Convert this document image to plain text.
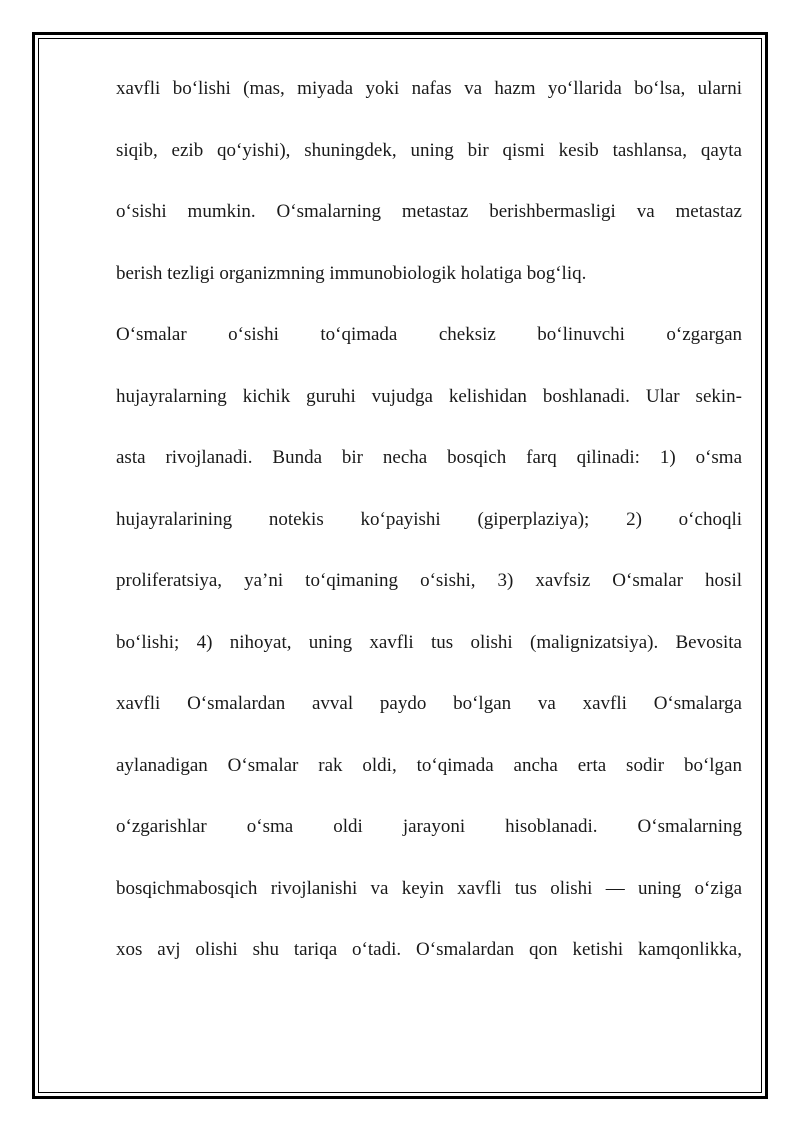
xavfli bo‘lishi (mas, miyada yoki nafas va hazm yo‘llarida bo‘lsa, ularni
siqib, ezib qo‘yishi), shuningdek, uning bir qismi kesib tashlansa, qayta
o‘sishi mumkin. O‘smalarning metastaz berishbermasligi va metastaz
berish tezligi organizmning immunobiologik holatiga bog‘liq.
O‘smalar o‘sishi to‘qimada cheksiz bo‘linuvchi o‘zgargan
hujayralarning kichik guruhi vujudga kelishidan boshlanadi. Ular sekin-
asta rivojlanadi. Bunda bir necha bosqich farq qilinadi: 1) o‘sma
hujayralarining notekis ko‘payishi (giperplaziya); 2) o‘choqli
proliferatsiya, ya’ni to‘qimaning o‘sishi, 3) xavfsiz O‘smalar hosil
bo‘lishi; 4) nihoyat, uning xavfli tus olishi (malignizatsiya). Bevosita
xavfli O‘smalardan avval paydo bo‘lgan va xavfli O‘smalarga
aylanadigan O‘smalar rak oldi, to‘qimada ancha erta sodir bo‘lgan
o‘zgarishlar o‘sma oldi jarayoni hisoblanadi. O‘smalarning
bosqichmabosqich rivojlanishi va keyin xavfli tus olishi — uning o‘ziga
xos avj olishi shu tariqa o‘tadi. O‘smalardan qon ketishi kamqonlikka,
